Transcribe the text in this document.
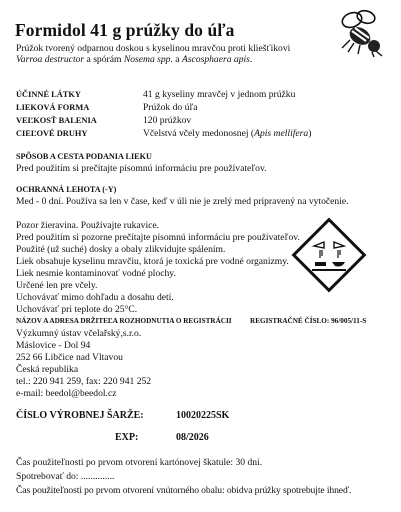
Formidol 41 g prúžky do úľa
Prúžok tvorený odparnou doskou s kyselinou mravčou proti kliešťikovi
Varroa destructor a spórám Nosema spp. a Ascosphaera apis.
ÚČINNÉ LÁTKY	41 g kyseliny mravčej v jednom prúžku
LIEKOVÁ FORMA	Prúžok do úľa
VEĽKOSŤ BALENIA	120 prúžkov
CIEĽOVÉ DRUHY	Včelstvá včely medonosnej (Apis mellifera)
SPÔSOB A CESTA PODANIA LIEKU
Pred použitím si prečítajte písomnú informáciu pre používateľov.
OCHRANNÁ LEHOTA (-Y)
Med - 0 dní. Používa sa len v čase, keď v úli nie je zrelý med pripravený na vytočenie.
Pozor žieravina. Používajte rukavice.
Pred použitím si pozorne prečítajte písomnú informáciu pre používateľov.
Použité (už suché) dosky a obaly zlikvidujte spálením.
Liek obsahuje kyselinu mravčiu, ktorá je toxická pre vodné organizmy.
Liek nesmie kontaminovať vodné plochy.
Určené len pre včely.
Uchovávať mimo dohľadu a dosahu detí.
Uchovávať pri teplote do 25°C.
NÁZOV A ADRESA DRŽITEĽA ROZHODNUTIA O REGISTRÁCII	REGISTRAČNÉ ČÍSLO: 96/005/11-S
Výzkumný ústav včelařský,s.r.o.
Máslovice - Dol 94
252 66 Libčice nad Vltavou
Česká republika
tel.: 220 941 259, fax: 220 941 252
e-mail: beedol@beedol.cz
ČÍSLO VÝROBNEJ ŠARŽE:	10020225SK
EXP:	08/2026
Čas použiteľnosti po prvom otvorení kartónovej škatule: 30 dní.
Spotrebovať do: ..............
Čas použiteľnosti po prvom otvorení vnútorného obalu: obidva prúžky spotrebujte ihneď.
